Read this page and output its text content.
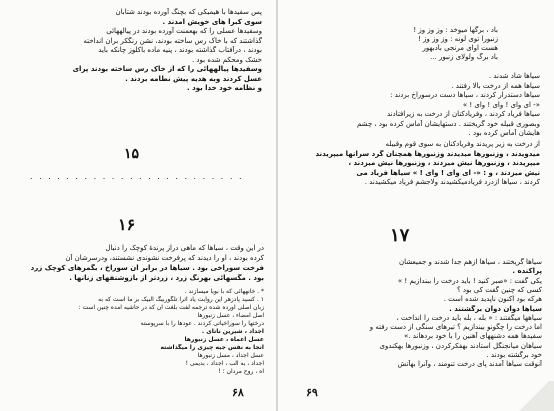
پس سفیدها با هیمیکی که بچنگ آورده بودند شتابان
سوی کبرا های خویش آمدند .
وسفیدها عسلی را که بهعمنت آورده بودند در پیالههائی
گذاشتند که با خاک رس ساخته بودند، نشن رنگکر بران انداخته
بودند ، درآفتاب گذاشته بودند ، پنیه ماده باکلوز چانکه باید
خشک ومحکم شده بود .
وسفیدها پیالههائی را که از خاک رس ساخته بودند پرای
عسل کردند وبه هدیه پیش نطامه بردند .
و نظامه خود خدا بود .
۱۵
. . . . . . . . . . . . . . . . . . . . . . . .
۱۶
در این وقت ، سیاها که ماهی دراز پرندهٔ کوچک را دنبال
کرده بودند ، او را دیدند که پرفرخت نشوندی نشستند، ودرسرشان آن
فرخت سوراخی بود . سیاها در برابر آن سوراخ ، بگمرهای کوچک زرد
بود . مگسهائی بهرنگ زرد ، زردتر از بازوشنفهای زنانها .
* . خانههائی که با بویا میسازند .
۱ . کسید پادزهر این روایت یاد اثرا تلگوربیگ آلبیک بر ما است که به
زبان اصلی آورده شده ترجمه لفت بلغت آن که در حاشیه آمده چنین است :
اصل امضاء ، عسل زنبورها
درختها را سوراخیاتی کردند . عودها را با سرپوسته
اجداد ، شیرین ناتای .
عسل اعماه ، عسل زنبورها
آنجا به نفس جیه چیزی را میگذاشته
عسل اجداد ، مسل زنبورها
اجداد ، به آلب ، اجداد ، بدیمی !
آه ، روح مردان ؛ !
۶۸
باد ، برگها میوخد : وز وز وز !
زنبورا توی لونه : وز وز وز !
هست اوای مرنجی بادبهور
باد برگ ولولای زنبور ...
سیاها شاد شدند .
سیاها همه از درخت بالا رفتند .
سیاها دستدرار کردند ، سیاها دست درسوراخ بردند :
«- ای وای ! وای ! وای ! »
سیاها فریاد کردند ، وفریادکنان از درخت به زیرافتادند
وبصوری قبیله خود گریختند . دستهایشان آماس کرده بود ، چشم
هایشان آماس کرده بود .
از درخت به زیر پریدند وفریادکنان به سوی قوم وقبیله
میدویدند ، وزنبورها میدیدند وزنبورها همچنان گرد سرآنها میپریدند
میپریدند ، وزنبورها نیش میزدند ، وزنبورها نیش میزدند ،
نیش میزدند ، و : «- ای وای ! وای ! » سیاها فریاد می
کردند ، سیاها ازدرد فریادمیکشیدند ولاجشم فریاد میکشیدند .
۱۷
سیاها گریختند ، سیاها ازهم جدا شدند و جمیعشان
پراکنده .
یکی گفت : «صبر کنید ! باید درخت را ببندازیم ! »
کسی که چنین گفت کی بود ؟
هرکه بود اکنون ناپدید شده است .
سیاها دوان دوان برگشتند .
سیاهها میگفتند : « بله ، بله باید درخت را انداخت ،
اما درخت را چگونو بیندازیم ؟ تیرهای سنگی از دست رفته و
سفیدها همه دشنههای آهنین را با خود بردهاند .»
سیاهان میانجنگل استادند بهفکرکردن ، وزنبورها بهکندوی
خود برگشته بودند .
آنوقت سیاها آمدند پای درخت تنومند ، وآنرا بهآتش
۶۹
